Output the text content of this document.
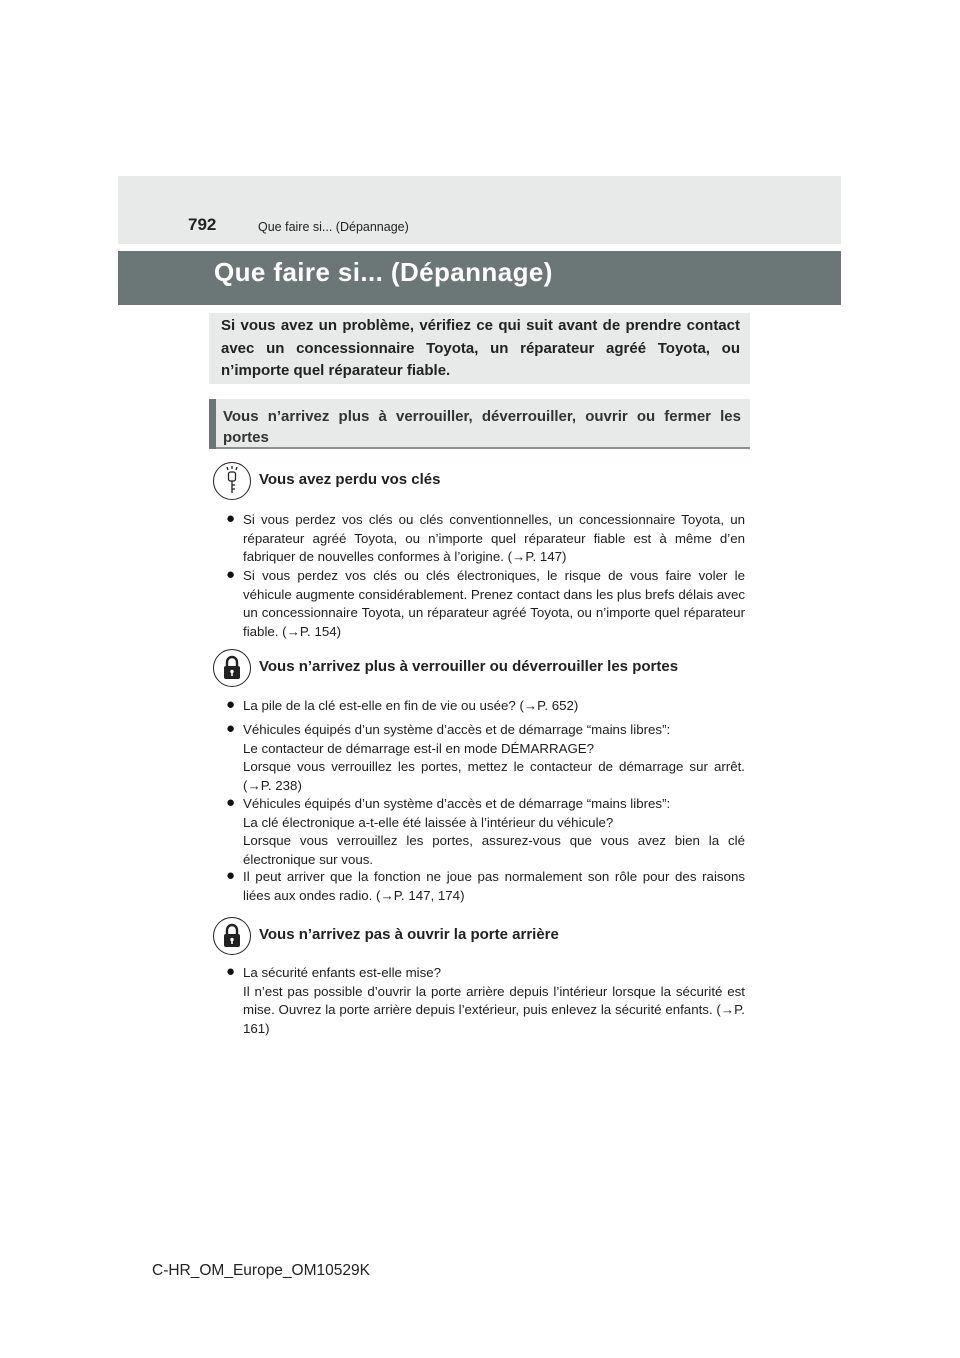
792	Que faire si... (Dépannage)
Que faire si... (Dépannage)
Si vous avez un problème, vérifiez ce qui suit avant de prendre contact avec un concessionnaire Toyota, un réparateur agréé Toyota, ou n’importe quel réparateur fiable.
Vous n’arrivez plus à verrouiller, déverrouiller, ouvrir ou fermer les portes
Vous avez perdu vos clés
● Si vous perdez vos clés ou clés conventionnelles, un concessionnaire Toyota, un réparateur agréé Toyota, ou n’importe quel réparateur fiable est à même d’en fabriquer de nouvelles conformes à l’origine. (→P. 147)
● Si vous perdez vos clés ou clés électroniques, le risque de vous faire voler le véhicule augmente considérablement. Prenez contact dans les plus brefs délais avec un concessionnaire Toyota, un réparateur agréé Toyota, ou n’importe quel réparateur fiable. (→P. 154)
Vous n’arrivez plus à verrouiller ou déverrouiller les portes
● La pile de la clé est-elle en fin de vie ou usée? (→P. 652)
● Véhicules équipés d’un système d’accès et de démarrage “mains libres”:
Le contacteur de démarrage est-il en mode DÉMARRAGE?
Lorsque vous verrouillez les portes, mettez le contacteur de démarrage sur arrêt. (→P. 238)
● Véhicules équipés d’un système d’accès et de démarrage “mains libres”:
La clé électronique a-t-elle été laissée à l’intérieur du véhicule?
Lorsque vous verrouillez les portes, assurez-vous que vous avez bien la clé électronique sur vous.
● Il peut arriver que la fonction ne joue pas normalement son rôle pour des raisons liées aux ondes radio. (→P. 147, 174)
Vous n’arrivez pas à ouvrir la porte arrière
● La sécurité enfants est-elle mise?
Il n’est pas possible d’ouvrir la porte arrière depuis l’intérieur lorsque la sécurité est mise. Ouvrez la porte arrière depuis l’extérieur, puis enlevez la sécurité enfants. (→P. 161)
C-HR_OM_Europe_OM10529K
